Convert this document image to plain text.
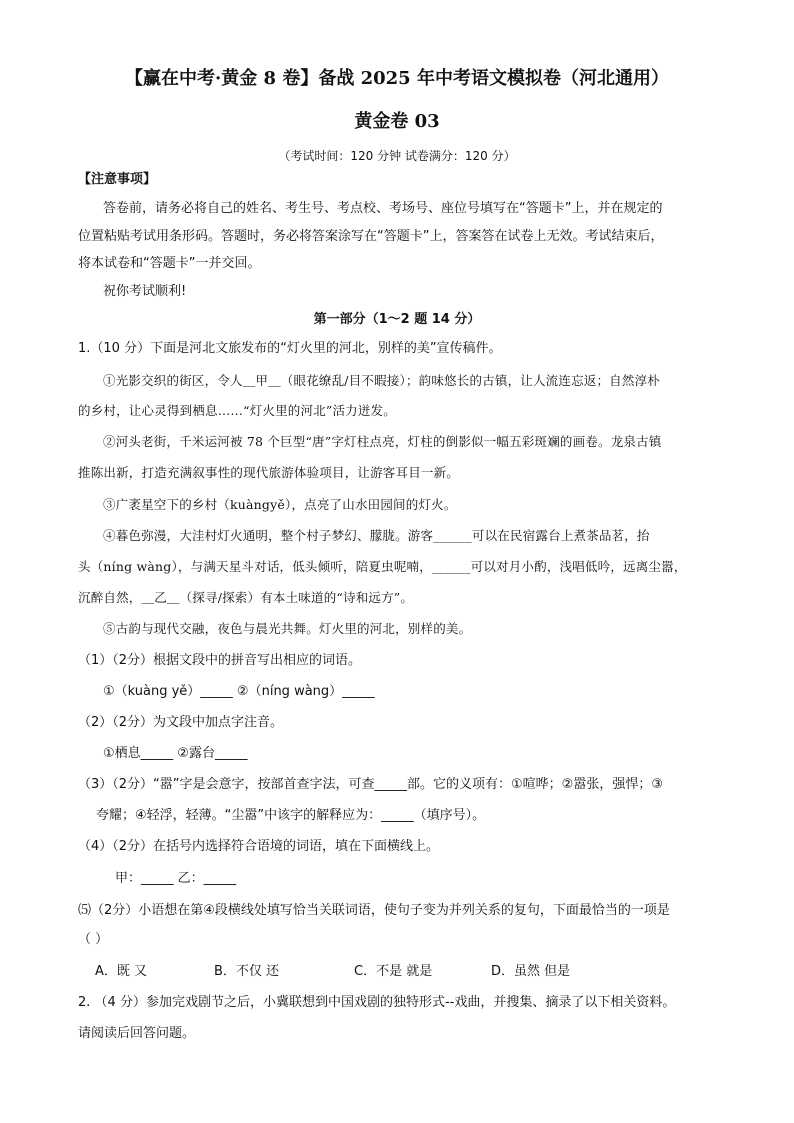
【赢在中考·黄金 8 卷】备战 2025 年中考语文模拟卷（河北通用）
黄金卷 03
（考试时间：120 分钟 试卷满分：120 分）
【注意事项】
答卷前，请务必将自己的姓名、考生号、考点校、考场号、座位号填写在“答题卡”上，并在规定的
位置粘贴考试用条形码。答题时，务必将答案涂写在“答题卡”上，答案答在试卷上无效。考试结束后，
将本试卷和“答题卡”一并交回。
祝你考试顺利!
第一部分（1～2 题 14 分）
1.（10 分）下面是河北文旅发布的“灯火里的河北，别样的美”宣传稿件。
①光影交织的街区，令人＿甲＿（眼花缭乱/目不暇接）；韵味悠长的古镇，让人流连忘返；自然淳朴
的乡村，让心灵得到栖息……“灯火里的河北”活力迸发。
②河头老街，千米运河被 78 个巨型“唐”字灯柱点亮，灯柱的倒影似一幅五彩斑斓的画卷。龙泉古镇
推陈出新，打造充满叙事性的现代旅游体验项目，让游客耳目一新。
③广袤星空下的乡村（kuàngyě），点亮了山水田园间的灯火。
④暮色弥漫，大洼村灯火通明，整个村子梦幻、朦胧。游客______可以在民宿露台上煮茶品茗，抬
头（níng wàng），与满天星斗对话，低头倾听，陪夏虫呢喃，______可以对月小酌，浅唱低吟，远离尘嚣，
沉醉自然，＿乙＿（探寻/探索）有本土味道的“诗和远方”。
⑤古韵与现代交融，夜色与晨光共舞。灯火里的河北，别样的美。
（1）（2分）根据文段中的拼音写出相应的词语。
①（kuàng yě）_____ ②（níng wàng）_____
（2）（2分）为文段中加点字注音。
①栖息_____ ②露台_____
（3）（2分）“嚣”字是会意字，按部首查字法，可查_____部。它的义项有：①喧哗；②嚣张，强悍；③
夸耀；④轻浮，轻薄。“尘嚣”中该字的解释应为：_____（填序号）。
（4）（2分）在括号内选择符合语境的词语，填在下面横线上。
甲：_____ 乙：_____
⑸（2分）小语想在第④段横线处填写恰当关联词语，使句子变为并列关系的复句，下面最恰当的一项是
（ ）
A．既 又	B．不仅 还	C．不是 就是	D．虽然 但是
2. （4 分）参加完戏剧节之后，小冀联想到中国戏剧的独特形式--戏曲，并搜集、摘录了以下相关资料。
请阅读后回答问题。
